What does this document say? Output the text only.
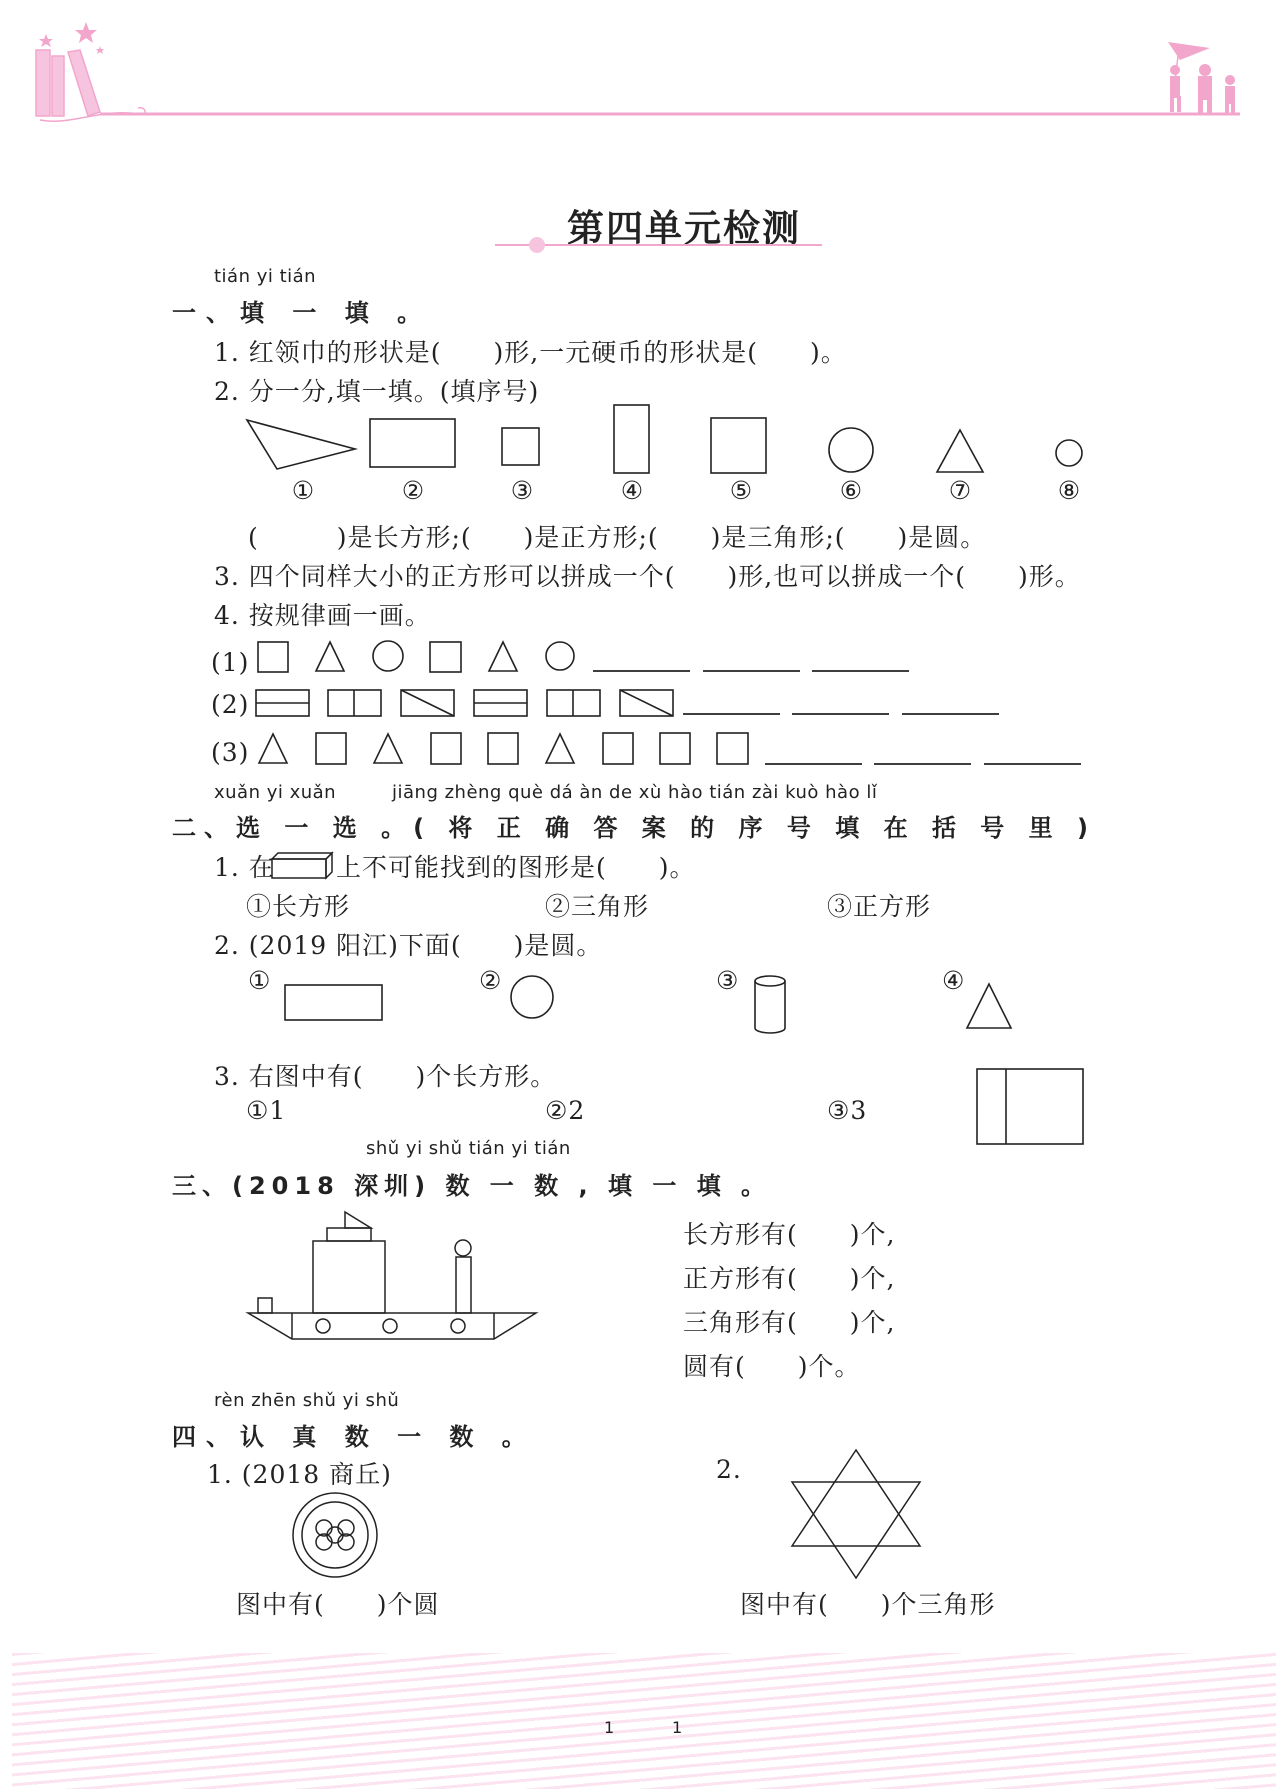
第四单元检测
tián yi tián
一、填 一 填 。
1. 红领巾的形状是(　　)形,一元硬币的形状是(　　)。
2. 分一分,填一填。(填序号)
①	②	③	④	⑤	⑥	⑦	⑧
(　　　)是长方形;(　　)是正方形;(　　)是三角形;(　　)是圆。
3. 四个同样大小的正方形可以拼成一个(　　)形,也可以拼成一个(　　)形。
4. 按规律画一画。
(1)
(2)
(3)
xuǎn yi xuǎn	jiāng zhèng què dá àn de xù hào tián zài kuò hào lǐ
二、选 一 选 。( 将 正 确 答 案 的 序 号 填 在 括 号 里 )
1. 在 上不可能找到的图形是(　　)。
①长方形	②三角形	③正方形
2. (2019 阳江)下面(　　)是圆。
①	②	③	④
3. 右图中有(　　)个长方形。
①1	②2	③3
shǔ yi shǔ tián yi tián
三、(2018 深圳) 数 一 数 , 填 一 填 。
长方形有(　　)个,
正方形有(　　)个,
三角形有(　　)个,
圆有(　　)个。
rèn zhēn shǔ yi shǔ
四、认 真 数 一 数 。
1. (2018 商丘)	2.
图中有(　　)个圆	图中有(　　)个三角形
1	1
